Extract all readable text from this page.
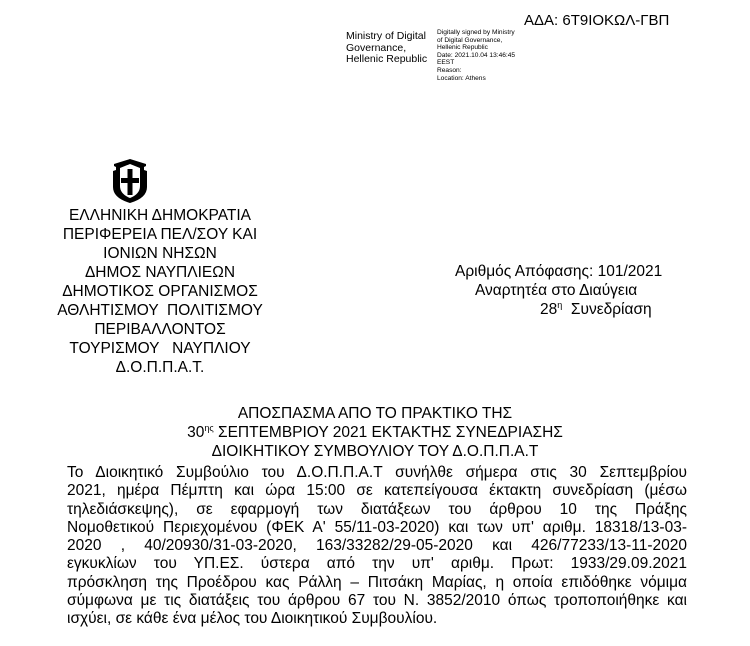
ΑΔΑ: 6Τ9ΙΟΚΩΛ-ΓΒΠ
Ministry of Digital
Governance,
Hellenic Republic
Digitally signed by Ministry
of Digital Governance,
Hellenic Republic
Date: 2021.10.04 13:46:45
EEST
Reason:
Location: Athens
ΕΛΛΗΝΙΚΗ ΔΗΜΟΚΡΑΤΙΑ
ΠΕΡΙΦΕΡΕΙΑ ΠΕΛ/ΣΟΥ ΚΑΙ
ΙΟΝΙΩΝ ΝΗΣΩΝ
ΔΗΜΟΣ ΝΑΥΠΛΙΕΩΝ
ΔΗΜΟΤΙΚΟΣ ΟΡΓΑΝΙΣΜΟΣ
ΑΘΛΗΤΙΣΜΟΥ  ΠΟΛΙΤΙΣΜΟΥ
ΠΕΡΙΒΑΛΛΟΝΤΟΣ
ΤΟΥΡΙΣΜΟΥ   ΝΑΥΠΛΙΟΥ
Δ.Ο.Π.Π.Α.Τ.
Αριθμός Απόφασης: 101/2021
Αναρτητέα στο Διαύγεια
$28^\eta$ Συνεδρίαση
ΑΠΟΣΠΑΣΜΑ ΑΠΟ ΤΟ ΠΡΑΚΤΙΚΟ ΤΗΣ
$30^{\eta\varsigma}$ ΣΕΠΤΕΜΒΡΙΟΥ 2021 ΕΚΤΑΚΤΗΣ ΣΥΝΕΔΡΙΑΣΗΣ
ΔΙΟΙΚΗΤΙΚΟΥ ΣΥΜΒΟΥΛΙΟΥ ΤΟΥ Δ.Ο.Π.Π.Α.Τ
Το Διοικητικό Συμβούλιο του Δ.Ο.Π.Π.Α.Τ συνήλθε σήμερα στις 30 Σεπτεμβρίου
2021, ημέρα Πέμπτη και ώρα 15:00 σε κατεπείγουσα έκτακτη συνεδρίαση (μέσω
τηλεδιάσκεψης), σε εφαρμογή των διατάξεων του άρθρου 10 της Πράξης
Νομοθετικού Περιεχομένου (ΦΕΚ Α' 55/11-03-2020) και των υπ' αριθμ. 18318/13-03-
2020 , 40/20930/31-03-2020, 163/33282/29-05-2020 και 426/77233/13-11-2020
εγκυκλίων του ΥΠ.ΕΣ. ύστερα από την υπ' αριθμ. Πρωτ: 1933/29.09.2021
πρόσκληση της Προέδρου κας Ράλλη – Πιτσάκη Μαρίας, η οποία επιδόθηκε νόμιμα
σύμφωνα με τις διατάξεις του άρθρου 67 του Ν. 3852/2010 όπως τροποποιήθηκε και
ισχύει, σε κάθε ένα μέλος του Διοικητικού Συμβουλίου.
